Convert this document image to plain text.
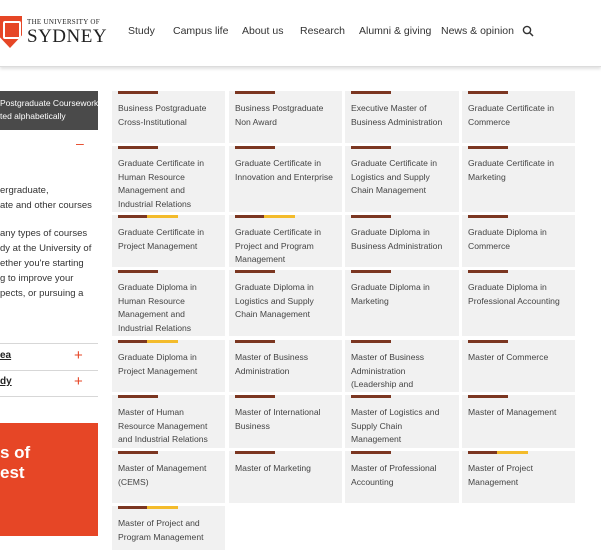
THE UNIVERSITY OF
SYDNEY Study Campus life About us Research Alumni & giving News & opinion
Postgraduate Coursework
ted alphabetically
–
ergraduate,
ate and other courses
any types of courses
dy at the University of
ether you're starting
g to improve your
pects, or pursuing a
ea	+
dy	+
s of
est
Business Postgraduate Cross-Institutional
Business Postgraduate Non Award
Executive Master of Business Administration
Graduate Certificate in Commerce
Graduate Certificate in Human Resource Management and Industrial Relations
Graduate Certificate in Innovation and Enterprise
Graduate Certificate in Logistics and Supply Chain Management
Graduate Certificate in Marketing
Graduate Certificate in Project Management
Graduate Certificate in Project and Program Management
Graduate Diploma in Business Administration
Graduate Diploma in Commerce
Graduate Diploma in Human Resource Management and Industrial Relations
Graduate Diploma in Logistics and Supply Chain Management
Graduate Diploma in Marketing
Graduate Diploma in Professional Accounting
Graduate Diploma in Project Management
Master of Business Administration
Master of Business Administration (Leadership and
Master of Commerce
Master of Human Resource Management and Industrial Relations
Master of International Business
Master of Logistics and Supply Chain Management
Master of Management
Master of Management (CEMS)
Master of Marketing	Master of Professional Accounting
Master of Project Management
Master of Project and Program Management
